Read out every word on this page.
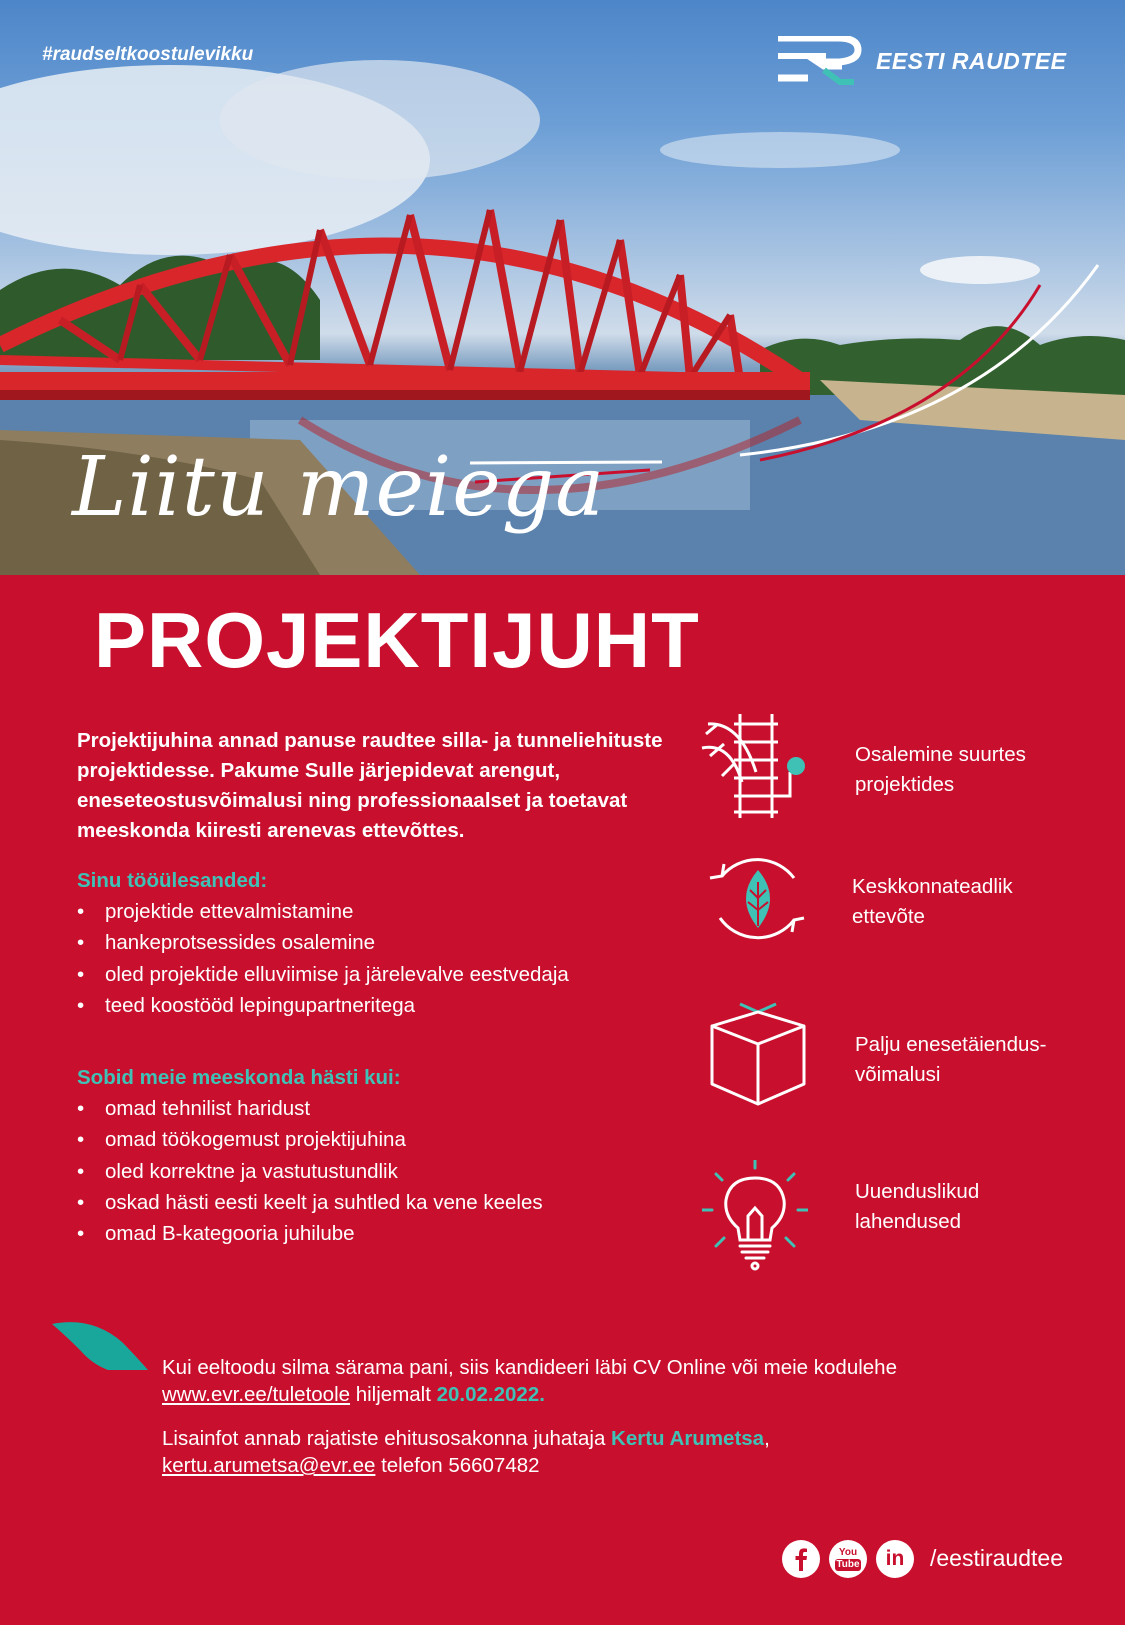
#raudseltkoostulevikku	EESTI RAUDTEE
Liitu meiega
PROJEKTIJUHT

Projektijuhina annad panuse raudtee silla- ja tunneliehituste projektidesse. Pakume Sulle järjepidevat arengut, eneseteostusvõimalusi ning professionaalset ja toetavat meeskonda kiiresti arenevas ettevõttes.

Sinu tööülesanded:
• projektide ettevalmistamine
• hankeprotsessides osalemine
• oled projektide elluviimise ja järelevalve eestvedaja
• teed koostööd lepingupartneritega
Sobid meie meeskonda hästi kui:
• omad tehnilist haridust
• omad töökogemust projektijuhina
• oled korrektne ja vastutustundlik
• oskad hästi eesti keelt ja suhtled ka vene keeles
• omad B-kategooria juhilube
Osalemine suurtes
projektides
Keskkonnateadlik
ettevõte
Palju enesetäiendus-
võimalusi
Uuenduslikud
lahendused

Kui eeltoodu silma särama pani, siis kandideeri läbi CV Online või meie kodulehe
www.evr.ee/tuletoole hiljemalt 20.02.2022.

Lisainfot annab rajatiste ehitusosakonna juhataja Kertu Arumetsa,
kertu.arumetsa@evr.ee telefon 56607482

You
Tube	in	/eestiraudtee
